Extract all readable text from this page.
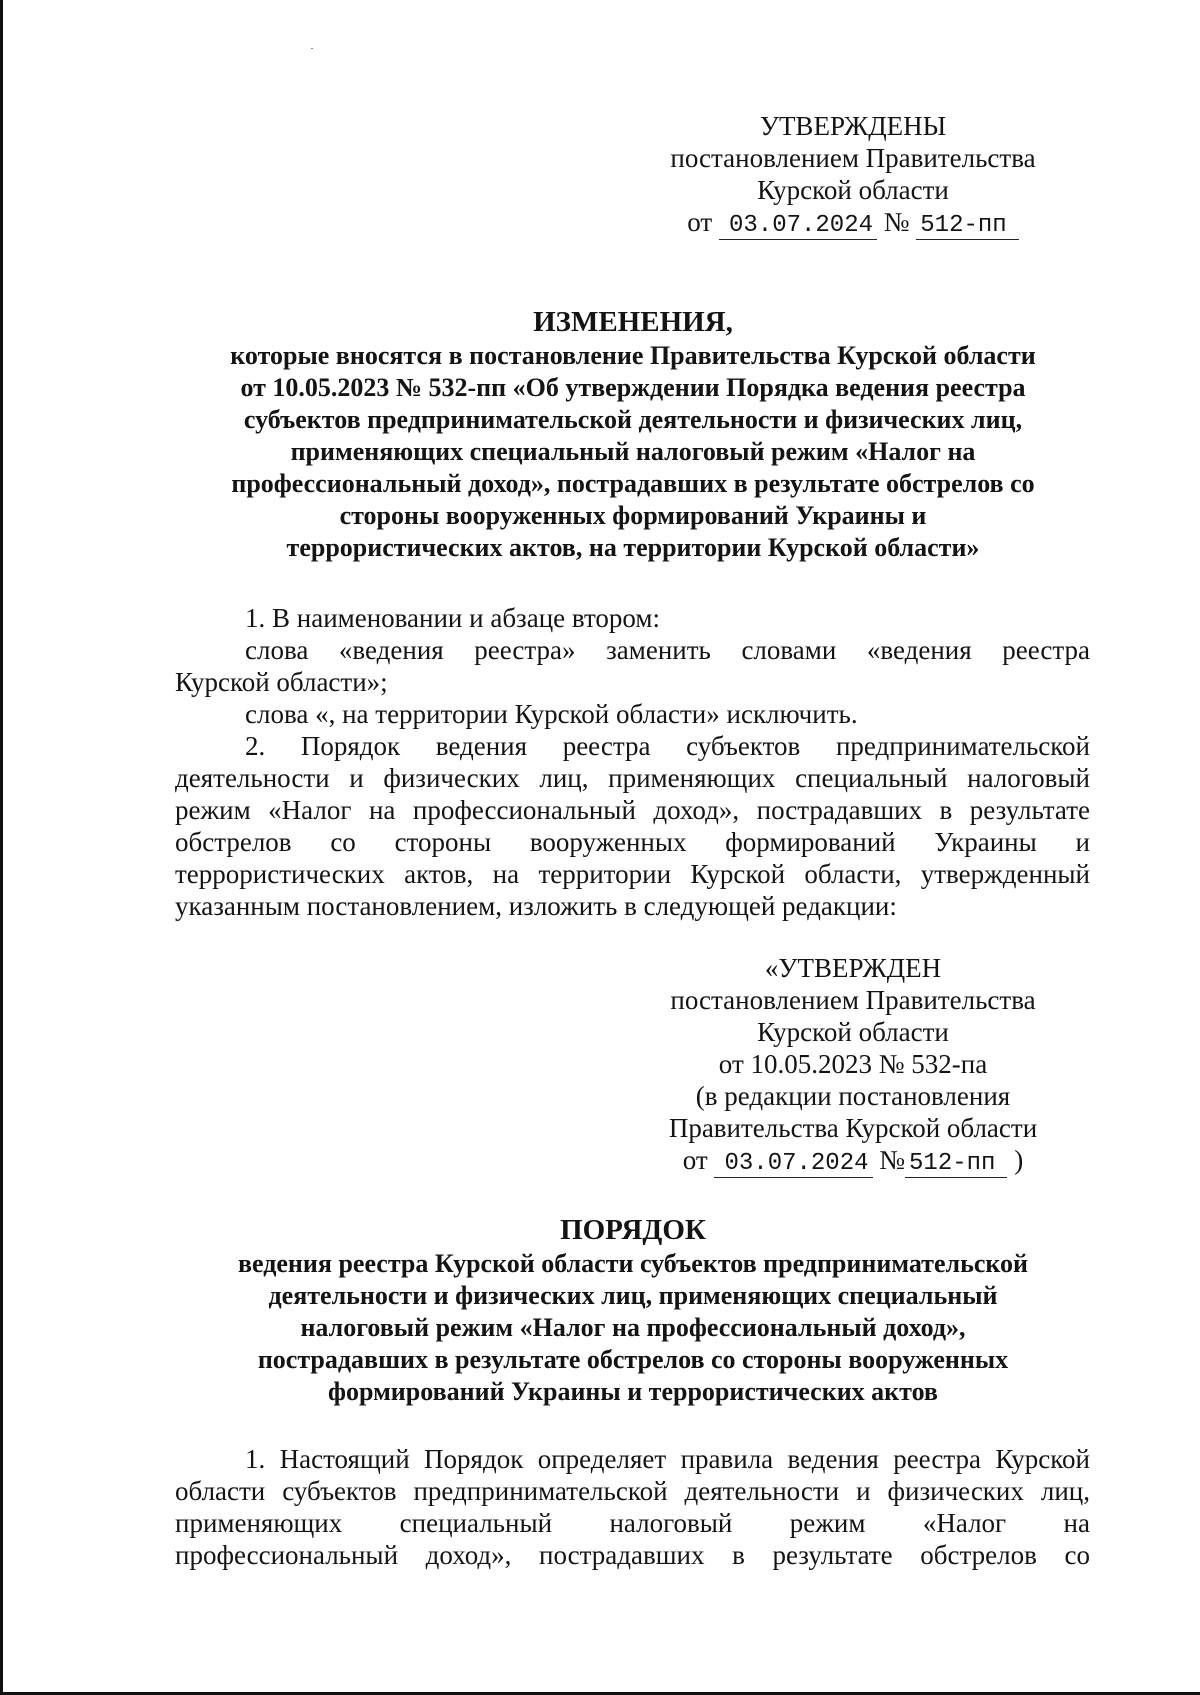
УТВЕРЖДЕНЫ
постановлением Правительства
Курской области
от 03.07.2024 № 512-пп
ИЗМЕНЕНИЯ,
которые вносятся в постановление Правительства Курской области
от 10.05.2023 № 532-пп «Об утверждении Порядка ведения реестра
субъектов предпринимательской деятельности и физических лиц,
применяющих специальный налоговый режим «Налог на
профессиональный доход», пострадавших в результате обстрелов со
стороны вооруженных формирований Украины и
террористических актов, на территории Курской области»
1. В наименовании и абзаце втором:
слова «ведения реестра» заменить словами «ведения реестра
Курской области»;
слова «, на территории Курской области» исключить.
2. Порядок ведения реестра субъектов предпринимательской
деятельности и физических лиц, применяющих специальный налоговый
режим «Налог на профессиональный доход», пострадавших в результате
обстрелов со стороны вооруженных формирований Украины и
террористических актов, на территории Курской области, утвержденный
указанным постановлением, изложить в следующей редакции:
«УТВЕРЖДЕН
постановлением Правительства
Курской области
от 10.05.2023 № 532-па
(в редакции постановления
Правительства Курской области
от 03.07.2024 № 512-пп )
ПОРЯДОК
ведения реестра Курской области субъектов предпринимательской
деятельности и физических лиц, применяющих специальный
налоговый режим «Налог на профессиональный доход»,
пострадавших в результате обстрелов со стороны вооруженных
формирований Украины и террористических актов
1. Настоящий Порядок определяет правила ведения реестра Курской
области субъектов предпринимательской деятельности и физических лиц,
применяющих специальный налоговый режим «Налог на
профессиональный доход», пострадавших в результате обстрелов со
